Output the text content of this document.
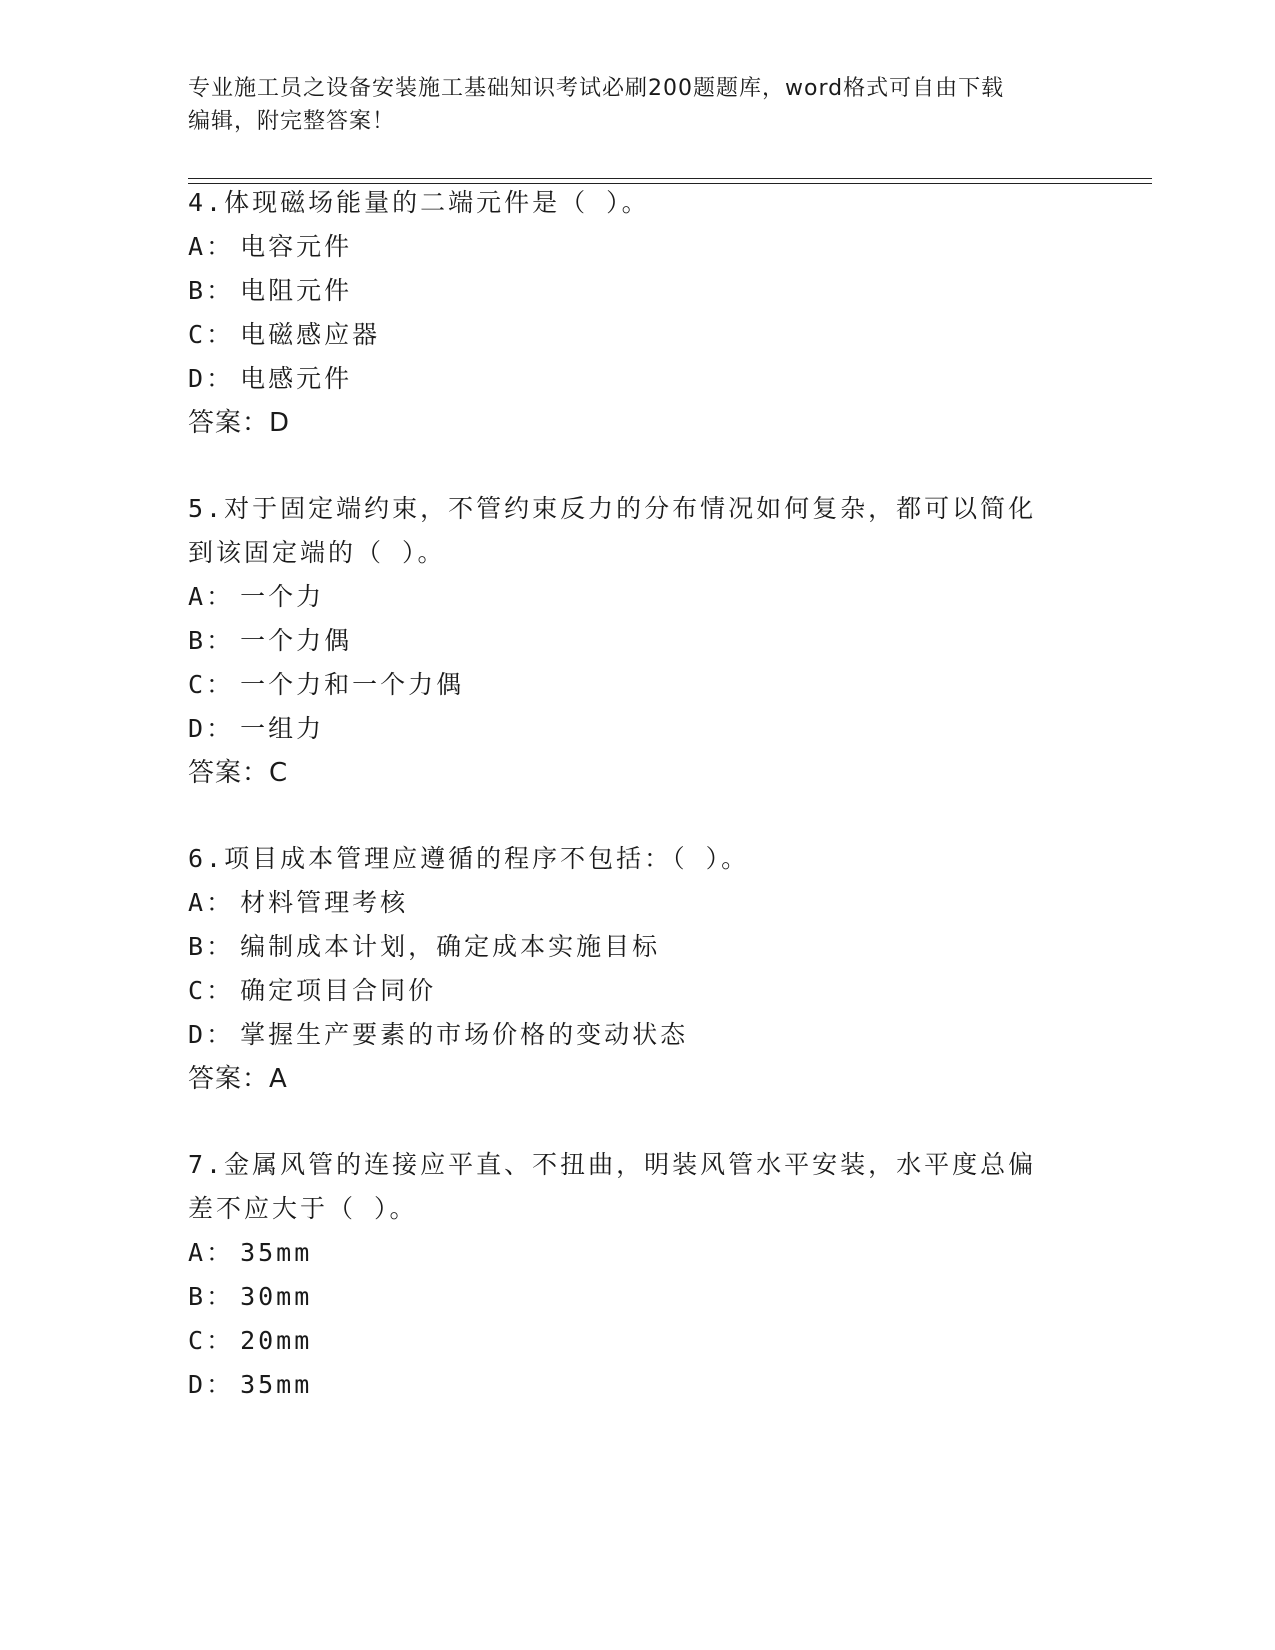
专业施工员之设备安装施工基础知识考试必刷200题题库，word格式可自由下载
编辑，附完整答案！
4.体现磁场能量的二端元件是（ ）。
A： 电容元件
B： 电阻元件
C： 电磁感应器
D： 电感元件
答案：D
5.对于固定端约束，不管约束反力的分布情况如何复杂，都可以简化
到该固定端的（ ）。
A： 一个力
B： 一个力偶
C： 一个力和一个力偶
D： 一组力
答案：C
6.项目成本管理应遵循的程序不包括：（ ）。
A： 材料管理考核
B： 编制成本计划，确定成本实施目标
C： 确定项目合同价
D： 掌握生产要素的市场价格的变动状态
答案：A
7.金属风管的连接应平直、不扭曲，明装风管水平安装，水平度总偏
差不应大于（ ）。
A： 35mm
B： 30mm
C： 20mm
D： 35mm
